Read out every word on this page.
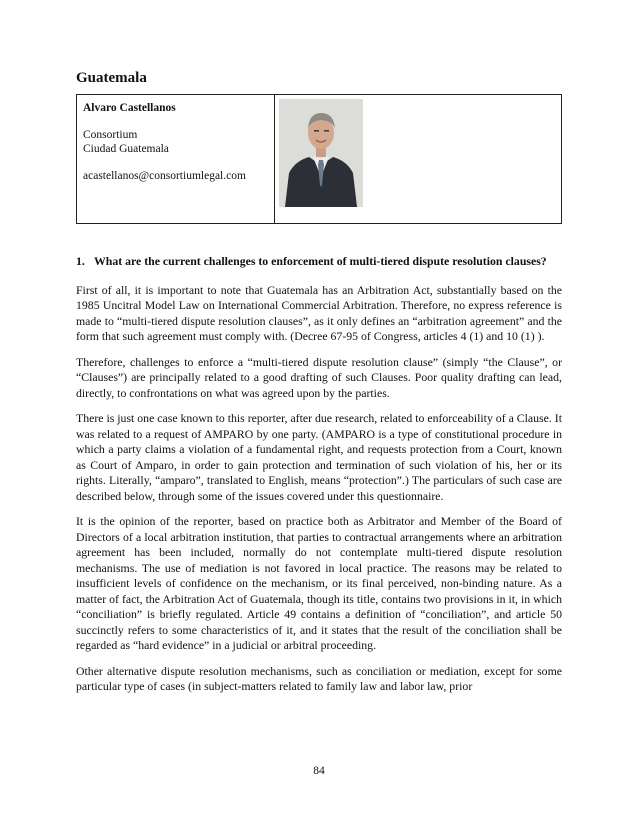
Guatemala
Alvaro Castellanos
Consortium
Ciudad Guatemala
acastellanos@consortiumlegal.com

1. What are the current challenges to enforcement of multi-tiered dispute resolution clauses?

First of all, it is important to note that Guatemala has an Arbitration Act, substantially based on the 1985 Uncitral Model Law on International Commercial Arbitration. Therefore, no express reference is made to “multi-tiered dispute resolution clauses”, as it only defines an “arbitration agreement” and the form that such agreement must comply with. (Decree 67-95 of Congress, articles 4 (1) and 10 (1) ).

Therefore, challenges to enforce a “multi-tiered dispute resolution clause” (simply “the Clause”, or “Clauses”) are principally related to a good drafting of such Clauses. Poor quality drafting can lead, directly, to confrontations on what was agreed upon by the parties.

There is just one case known to this reporter, after due research, related to enforceability of a Clause. It was related to a request of AMPARO by one party. (AMPARO is a type of constitutional procedure in which a party claims a violation of a fundamental right, and requests protection from a Court, known as Court of Amparo, in order to gain protection and termination of such violation of his, her or its rights. Literally, “amparo”, translated to English, means “protection”.) The particulars of such case are described below, through some of the issues covered under this questionnaire.

It is the opinion of the reporter, based on practice both as Arbitrator and Member of the Board of Directors of a local arbitration institution, that parties to contractual arrangements where an arbitration agreement has been included, normally do not contemplate multi-tiered dispute resolution mechanisms. The use of mediation is not favored in local practice. The reasons may be related to insufficient levels of confidence on the mechanism, or its final perceived, non-binding nature. As a matter of fact, the Arbitration Act of Guatemala, though its title, contains two provisions in it, in which “conciliation” is briefly regulated. Article 49 contains a definition of “conciliation”, and article 50 succinctly refers to some characteristics of it, and it states that the result of the conciliation shall be regarded as “hard evidence” in a judicial or arbitral proceeding.

Other alternative dispute resolution mechanisms, such as conciliation or mediation, except for some particular type of cases (in subject-matters related to family law and labor law, prior

84
